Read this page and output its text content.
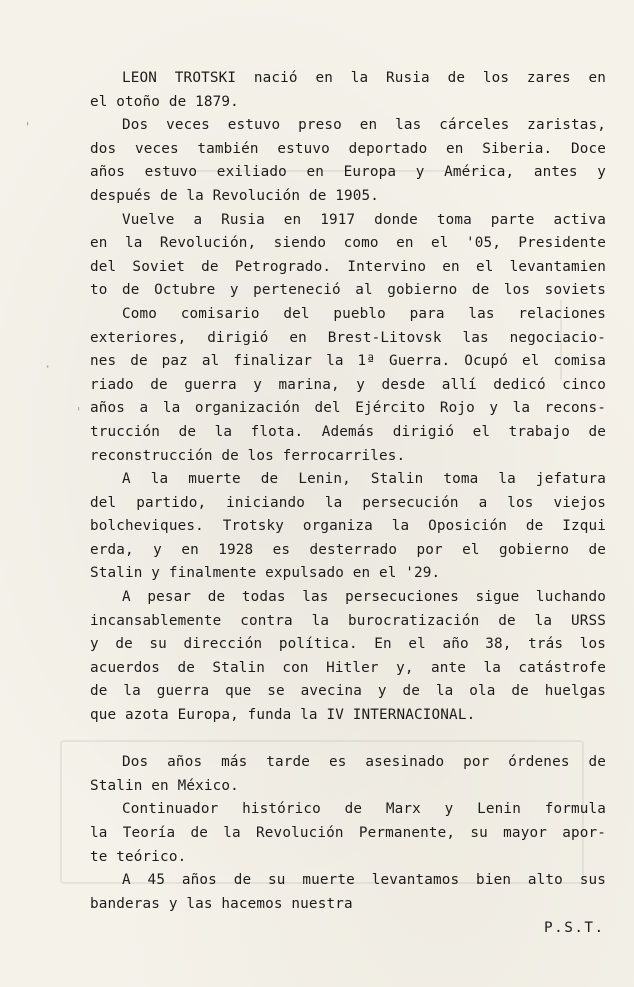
'
·
'
LEON TROTSKI nació en la Rusia de los zares en
el otoño de 1879.
Dos veces estuvo preso en las cárceles zaristas,
dos veces también estuvo deportado en Siberia. Doce
años estuvo exiliado en Europa y América, antes y
después de la Revolución de 1905.
Vuelve a Rusia en 1917 donde toma parte activa
en la Revolución, siendo como en el '05, Presidente
del Soviet de Petrogrado. Intervino en el levantamien
to de Octubre y perteneció al gobierno de los soviets
Como comisario del pueblo para las relaciones
exteriores, dirigió en Brest-Litovsk las negociacio-
nes de paz al finalizar la 1ª Guerra. Ocupó el comisa
riado de guerra y marina, y desde allí dedicó cinco
años a la organización del Ejército Rojo y la recons-
trucción de la flota. Además dirigió el trabajo de
reconstrucción de los ferrocarriles.
A la muerte de Lenin, Stalin toma la jefatura
del partido, iniciando la persecución a los viejos
bolcheviques. Trotsky organiza la Oposición de Izqui
erda, y en 1928 es desterrado por el gobierno de
Stalin y finalmente expulsado en el '29.
A pesar de todas las persecuciones sigue luchando
incansablemente contra la burocratización de la URSS
y de su dirección política. En el año 38, trás los
acuerdos de Stalin con Hitler y, ante la catástrofe
de la guerra que se avecina y de la ola de huelgas
que azota Europa, funda la IV INTERNACIONAL.
Dos años más tarde es asesinado por órdenes de
Stalin en México.
Continuador histórico de Marx y Lenin formula
la Teoría de la Revolución Permanente, su mayor apor-
te teórico.
A 45 años de su muerte levantamos bien alto sus
banderas y las hacemos nuestra
P.S.T.
